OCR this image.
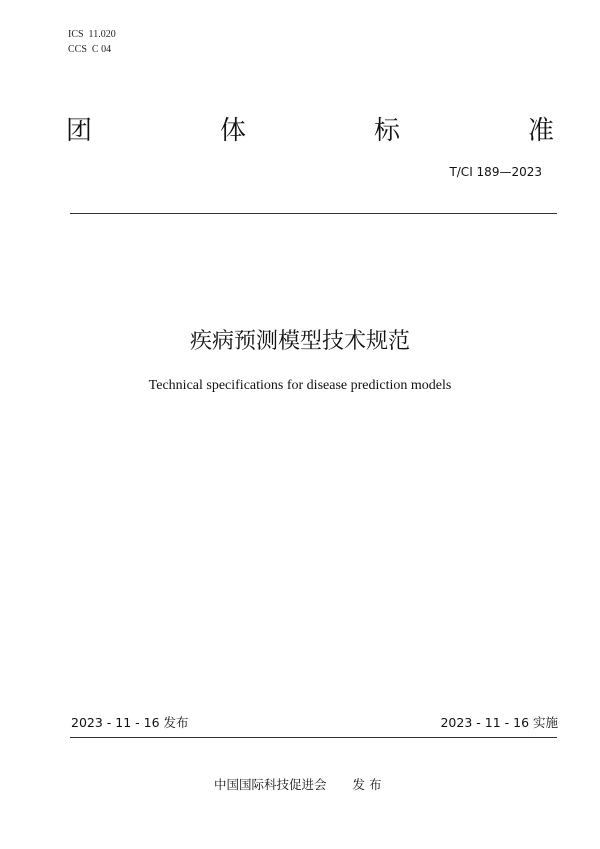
ICS  11.020
CCS  C 04
团	体	标	准
T/CI 189—2023
疾病预测模型技术规范
Technical specifications for disease prediction models
2023 - 11 - 16 发布	2023 - 11 - 16 实施
中国国际科技促进会 发 布
